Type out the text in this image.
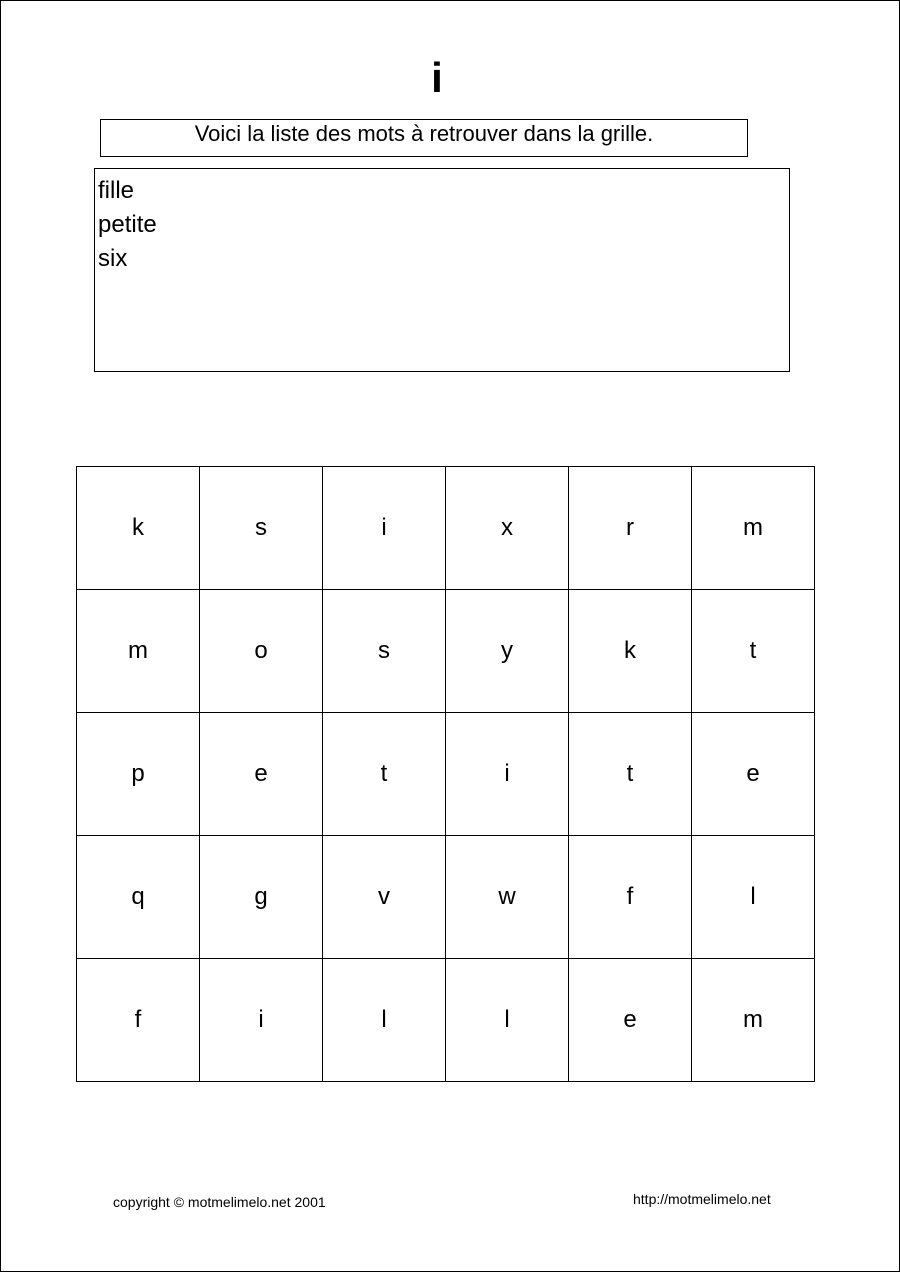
i
Voici la liste des mots à retrouver dans la grille.
fille
petite
six
k	s	i	x	r	m
m	o	s	y	k	t
p	e	t	i	t	e
q	g	v	w	f	l
f	i	l	l	e	m
copyright © motmelimelo.net 2001	http://motmelimelo.net
